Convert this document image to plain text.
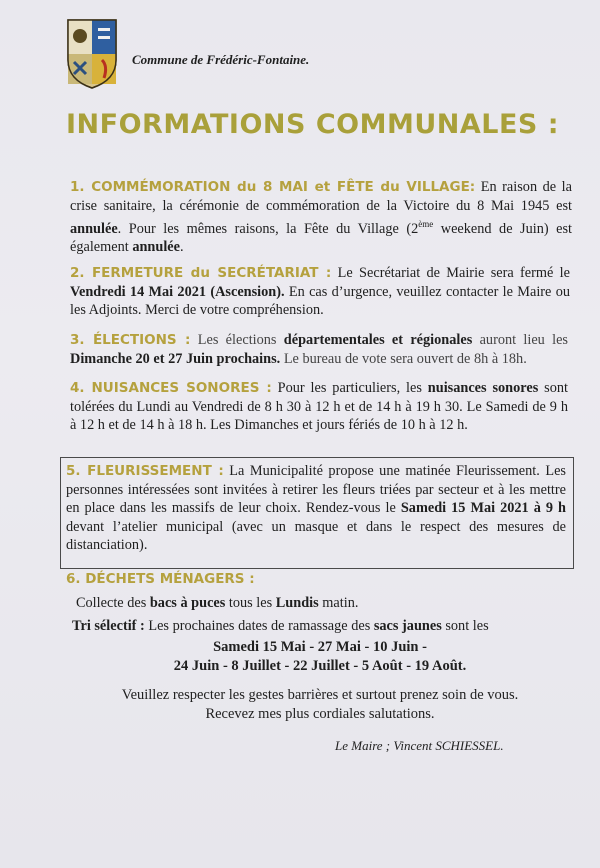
Commune de Frédéric-Fontaine.
INFORMATIONS COMMUNALES :
1. COMMÉMORATION du 8 MAI et FÊTE du VILLAGE: En raison de la crise sanitaire, la cérémonie de commémoration de la Victoire du 8 Mai 1945 est annulée. Pour les mêmes raisons, la Fête du Village (2ème weekend de Juin) est également annulée.
2. FERMETURE du SECRÉTARIAT : Le Secrétariat de Mairie sera fermé le Vendredi 14 Mai 2021 (Ascension). En cas d’urgence, veuillez contacter le Maire ou les Adjoints. Merci de votre compréhension.
3. ÉLECTIONS : Les élections départementales et régionales auront lieu les Dimanche 20 et 27 Juin prochains. Le bureau de vote sera ouvert de 8h à 18h.
4. NUISANCES SONORES : Pour les particuliers, les nuisances sonores sont tolérées du Lundi au Vendredi de 8 h 30 à 12 h et de 14 h à 19 h 30. Le Samedi de 9 h à 12 h et de 14 h à 18 h. Les Dimanches et jours fériés de 10 h à 12 h.
5. FLEURISSEMENT : La Municipalité propose une matinée Fleurissement. Les personnes intéressées sont invitées à retirer les fleurs triées par secteur et à les mettre en place dans les massifs de leur choix. Rendez-vous le Samedi 15 Mai 2021 à 9 h devant l’atelier municipal (avec un masque et dans le respect des mesures de distanciation).
6. DÉCHETS MÉNAGERS :
Collecte des bacs à puces tous les Lundis matin.
Tri sélectif : Les prochaines dates de ramassage des sacs jaunes sont les
Samedi 15 Mai - 27 Mai - 10 Juin -
24 Juin - 8 Juillet - 22 Juillet - 5 Août - 19 Août.
Veuillez respecter les gestes barrières et surtout prenez soin de vous.
Recevez mes plus cordiales salutations.
Le Maire ; Vincent SCHIESSEL.
